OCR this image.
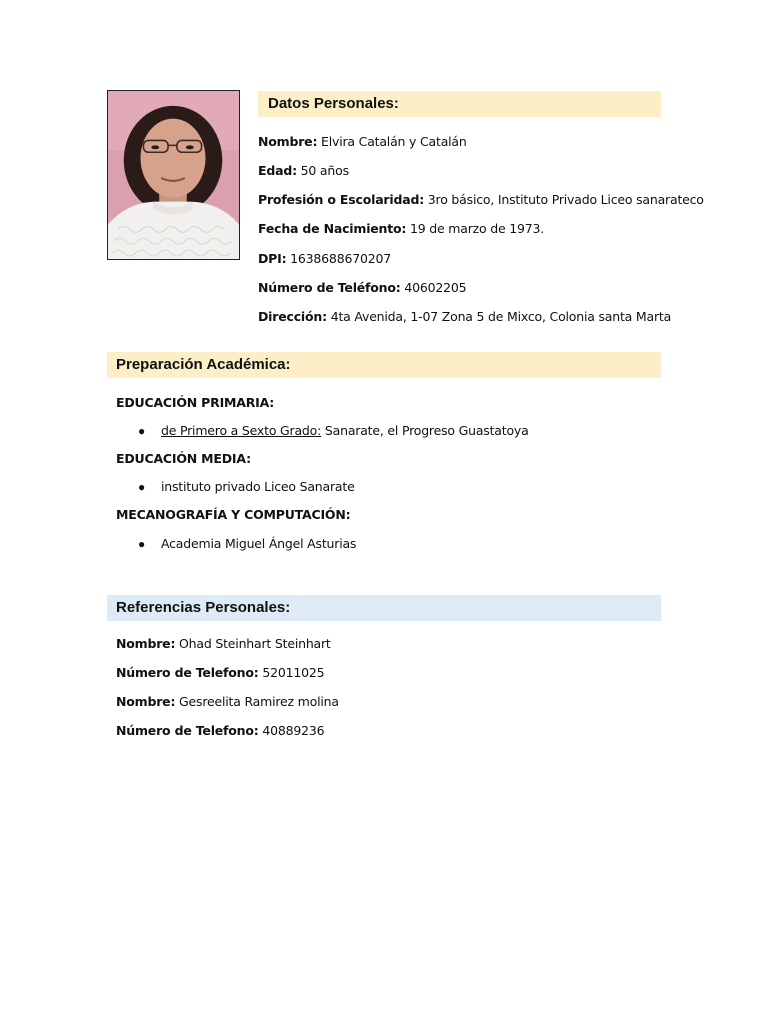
Datos Personales:
Nombre: Elvira Catalán y Catalán
Edad: 50 años
Profesión o Escolaridad: 3ro básico, Instituto Privado Liceo sanarateco
Fecha de Nacimiento: 19 de marzo de 1973.
DPI: 1638688670207
Número de Teléfono: 40602205
Dirección: 4ta Avenida, 1-07 Zona 5 de Mixco, Colonia santa Marta
Preparación Académica:
EDUCACIÓN PRIMARIA:
● de Primero a Sexto Grado: Sanarate, el Progreso Guastatoya
EDUCACIÓN MEDIA:
● instituto privado Liceo Sanarate
MECANOGRAFÍA Y COMPUTACIÓN:
● Academia Miguel Ángel Asturias
Referencias Personales:
Nombre: Ohad Steinhart Steinhart
Número de Telefono: 52011025
Nombre: Gesreelita Ramirez molina
Número de Telefono: 40889236
